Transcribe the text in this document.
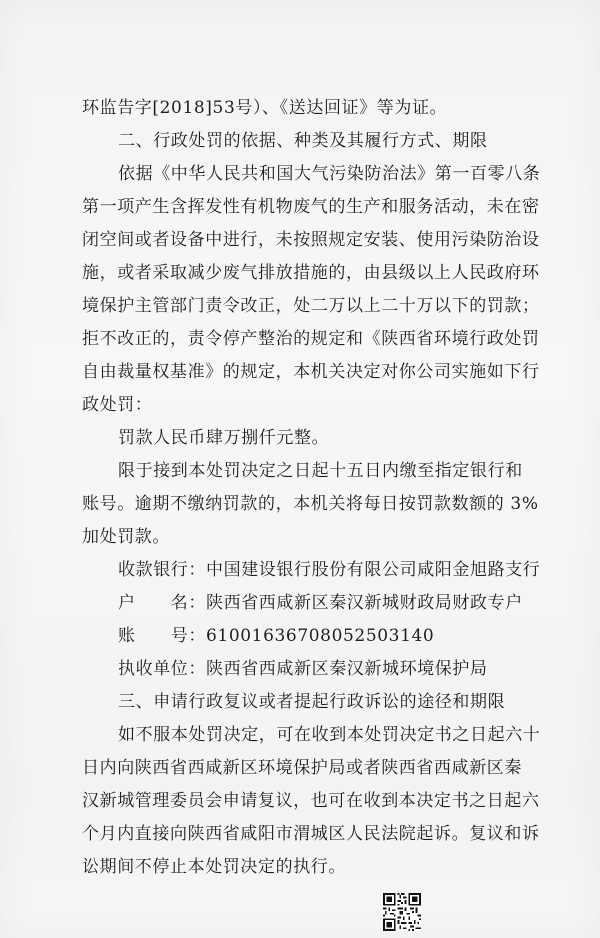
环监告字[2018]53号）、《送达回证》等为证。
二、行政处罚的依据、种类及其履行方式、期限
依据《中华人民共和国大气污染防治法》第一百零八条
第一项产生含挥发性有机物废气的生产和服务活动，未在密
闭空间或者设备中进行，未按照规定安装、使用污染防治设
施，或者采取减少废气排放措施的，由县级以上人民政府环
境保护主管部门责令改正，处二万以上二十万以下的罚款；
拒不改正的，责令停产整治的规定和《陕西省环境行政处罚
自由裁量权基准》的规定，本机关决定对你公司实施如下行
政处罚：
罚款人民币肆万捌仟元整。
限于接到本处罚决定之日起十五日内缴至指定银行和
账号。逾期不缴纳罚款的，本机关将每日按罚款数额的 3%
加处罚款。
收款银行：中国建设银行股份有限公司咸阳金旭路支行
户　　名：陕西省西咸新区秦汉新城财政局财政专户
账　　号：61001636708052503140
执收单位：陕西省西咸新区秦汉新城环境保护局
三、申请行政复议或者提起行政诉讼的途径和期限
如不服本处罚决定，可在收到本处罚决定书之日起六十
日内向陕西省西咸新区环境保护局或者陕西省西咸新区秦
汉新城管理委员会申请复议，也可在收到本决定书之日起六
个月内直接向陕西省咸阳市渭城区人民法院起诉。复议和诉
讼期间不停止本处罚决定的执行。
